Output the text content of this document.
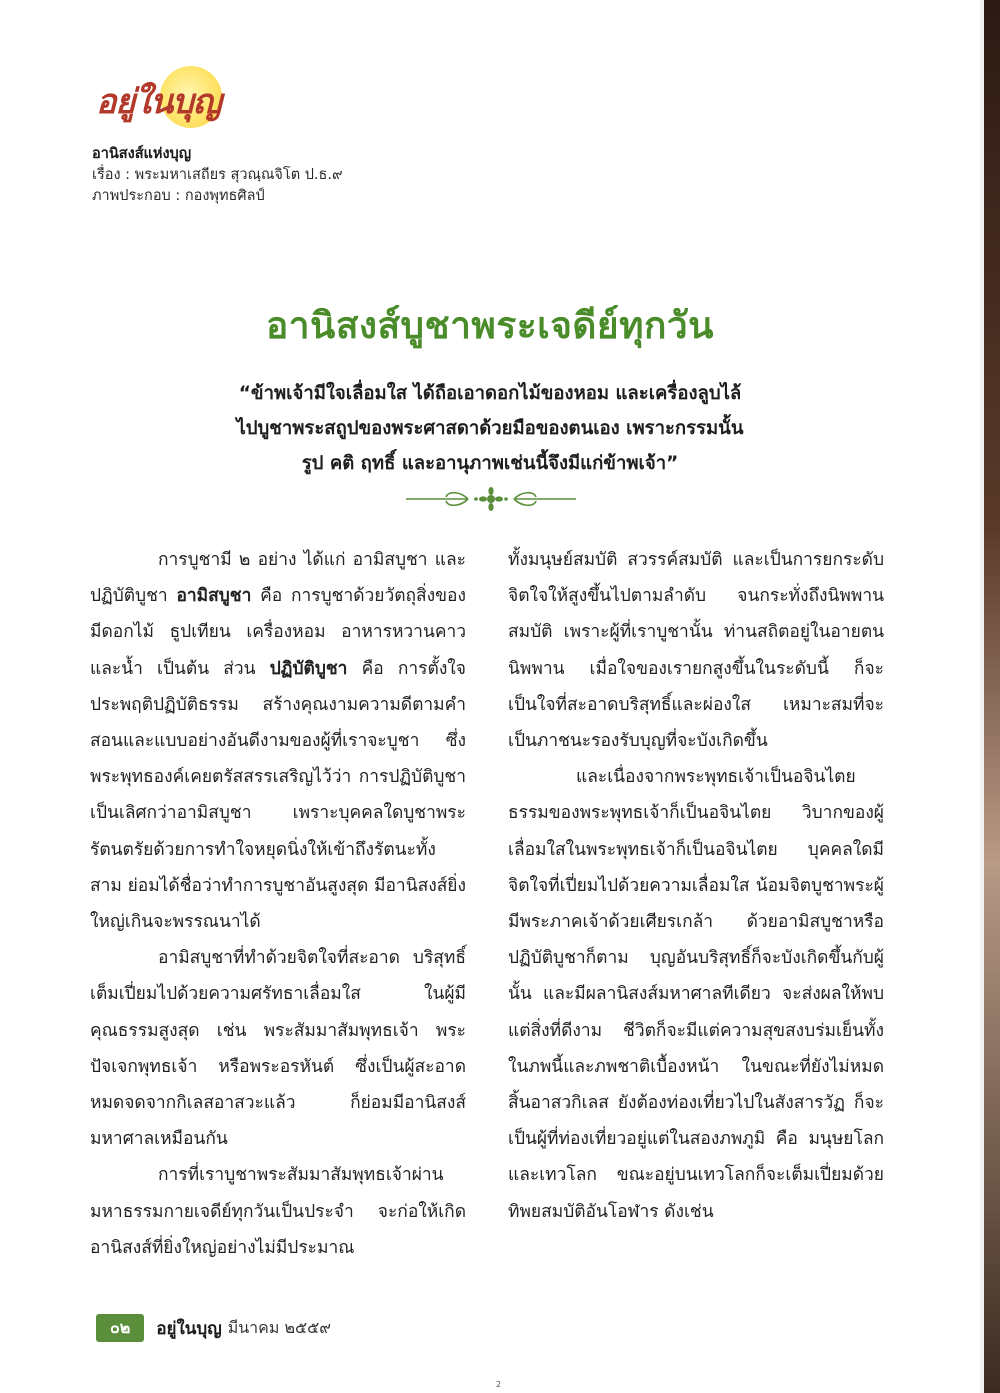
อยู่ในบุญ
อานิสงส์แห่งบุญ
เรื่อง : พระมหาเสถียร สุวณฺณจิโต ป.ธ.๙
ภาพประกอบ : กองพุทธศิลป์
อานิสงส์บูชาพระเจดีย์ทุกวัน
“ข้าพเจ้ามีใจเลื่อมใส ได้ถือเอาดอกไม้ของหอม และเครื่องลูบไล้
ไปบูชาพระสถูปของพระศาสดาด้วยมือของตนเอง เพราะกรรมนั้น
รูป คติ ฤทธิ์ และอานุภาพเช่นนี้จึงมีแก่ข้าพเจ้า”

การบูชามี ๒ อย่าง ได้แก่ อามิสบูชา และปฏิบัติบูชา อามิสบูชา คือ การบูชาด้วยวัตถุสิ่งของ มีดอกไม้ ธูปเทียน เครื่องหอม อาหารหวานคาว และน้ำ เป็นต้น ส่วน ปฏิบัติบูชา คือ การตั้งใจประพฤติปฏิบัติธรรม สร้างคุณงามความดีตามคำสอนและแบบอย่างอันดีงามของผู้ที่เราจะบูชา ซึ่งพระพุทธองค์เคยตรัสสรรเสริญไว้ว่า การปฏิบัติบูชาเป็นเลิศกว่าอามิสบูชา เพราะบุคคลใดบูชาพระรัตนตรัยด้วยการทำใจหยุดนิ่งให้เข้าถึงรัตนะทั้งสาม ย่อมได้ชื่อว่าทำการบูชาอันสูงสุด มีอานิสงส์ยิ่งใหญ่เกินจะพรรณนาได้

อามิสบูชาที่ทำด้วยจิตใจที่สะอาด บริสุทธิ์ เต็มเปี่ยมไปด้วยความศรัทธาเลื่อมใส ในผู้มีคุณธรรมสูงสุด เช่น พระสัมมาสัมพุทธเจ้า พระปัจเจกพุทธเจ้า หรือพระอรหันต์ ซึ่งเป็นผู้สะอาดหมดจดจากกิเลสอาสวะแล้ว ก็ย่อมมีอานิสงส์มหาศาลเหมือนกัน

การที่เราบูชาพระสัมมาสัมพุทธเจ้าผ่านมหาธรรมกายเจดีย์ทุกวันเป็นประจำ จะก่อให้เกิดอานิสงส์ที่ยิ่งใหญ่อย่างไม่มีประมาณ

ทั้งมนุษย์สมบัติ สวรรค์สมบัติ และเป็นการยกระดับจิตใจให้สูงขึ้นไปตามลำดับ จนกระทั่งถึงนิพพานสมบัติ เพราะผู้ที่เราบูชานั้น ท่านสถิตอยู่ในอายตนนิพพาน เมื่อใจของเรายกสูงขึ้นในระดับนี้ ก็จะเป็นใจที่สะอาดบริสุทธิ์และผ่องใส เหมาะสมที่จะเป็นภาชนะรองรับบุญที่จะบังเกิดขึ้น

และเนื่องจากพระพุทธเจ้าเป็นอจินไตย ธรรมของพระพุทธเจ้าก็เป็นอจินไตย วิบากของผู้เลื่อมใสในพระพุทธเจ้าก็เป็นอจินไตย บุคคลใดมีจิตใจที่เปี่ยมไปด้วยความเลื่อมใส น้อมจิตบูชาพระผู้มีพระภาคเจ้าด้วยเศียรเกล้า ด้วยอามิสบูชาหรือปฏิบัติบูชาก็ตาม บุญอันบริสุทธิ์ก็จะบังเกิดขึ้นกับผู้นั้น และมีผลานิสงส์มหาศาลทีเดียว จะส่งผลให้พบแต่สิ่งที่ดีงาม ชีวิตก็จะมีแต่ความสุขสงบร่มเย็นทั้งในภพนี้และภพชาติเบื้องหน้า ในขณะที่ยังไม่หมดสิ้นอาสวกิเลส ยังต้องท่องเที่ยวไปในสังสารวัฏ ก็จะเป็นผู้ที่ท่องเที่ยวอยู่แต่ในสองภพภูมิ คือ มนุษยโลกและเทวโลก ขณะอยู่บนเทวโลกก็จะเต็มเปี่ยมด้วยทิพยสมบัติอันโอฬาร ดังเช่น

๐๒	อยู่ในบุญ มีนาคม ๒๕๕๙
2
